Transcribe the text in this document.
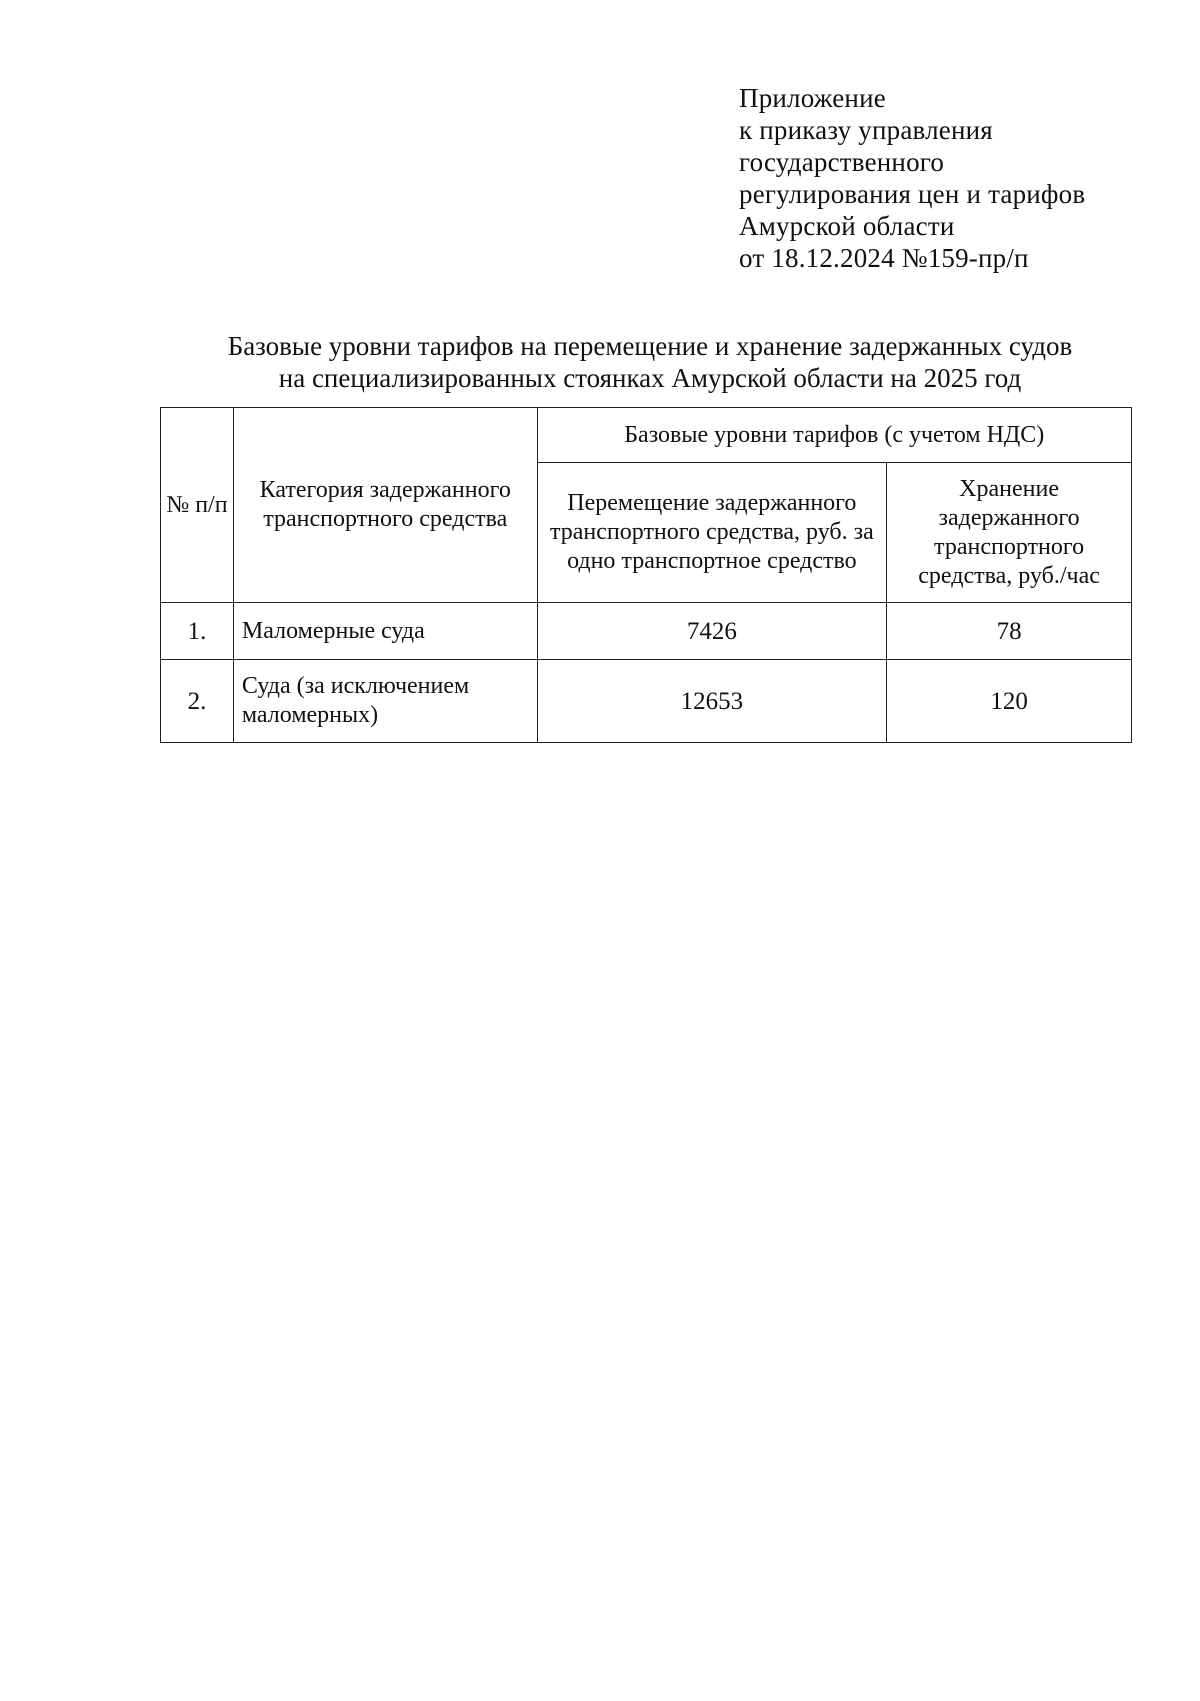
Приложение
к приказу управления
государственного
регулирования цен и тарифов
Амурской области
от 18.12.2024 №159-пр/п
Базовые уровни тарифов на перемещение и хранение задержанных судов
на специализированных стоянках Амурской области на 2025 год
№ п/п	Категория задержанного транспортного средства	Базовые уровни тарифов (с учетом НДС)	
		Перемещение задержанного транспортного средства, руб. за одно транспортное средство	Хранение задержанного транспортного средства, руб./час
1.	Маломерные суда	7426	78
2.	Суда (за исключением маломерных)	12653	120
